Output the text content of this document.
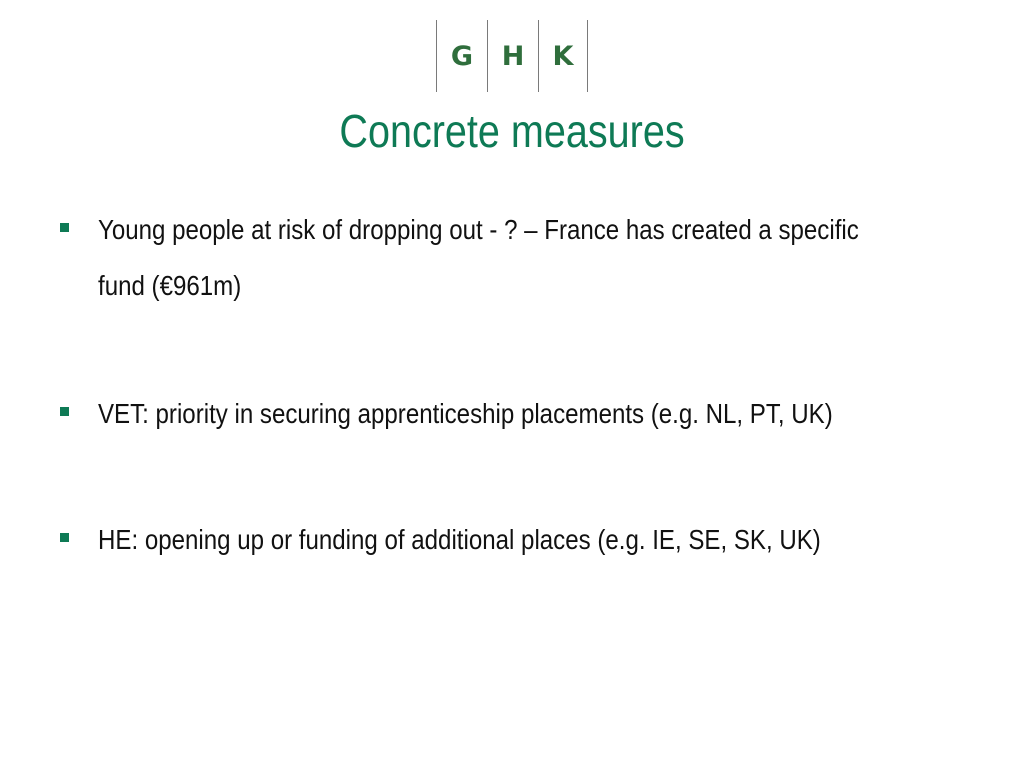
G	H	K
Concrete measures
Young people at risk of dropping out - ? – France has created a specific fund (€961m)
VET: priority in securing apprenticeship placements (e.g. NL, PT, UK)
HE: opening up or funding of additional places (e.g. IE, SE, SK, UK)
